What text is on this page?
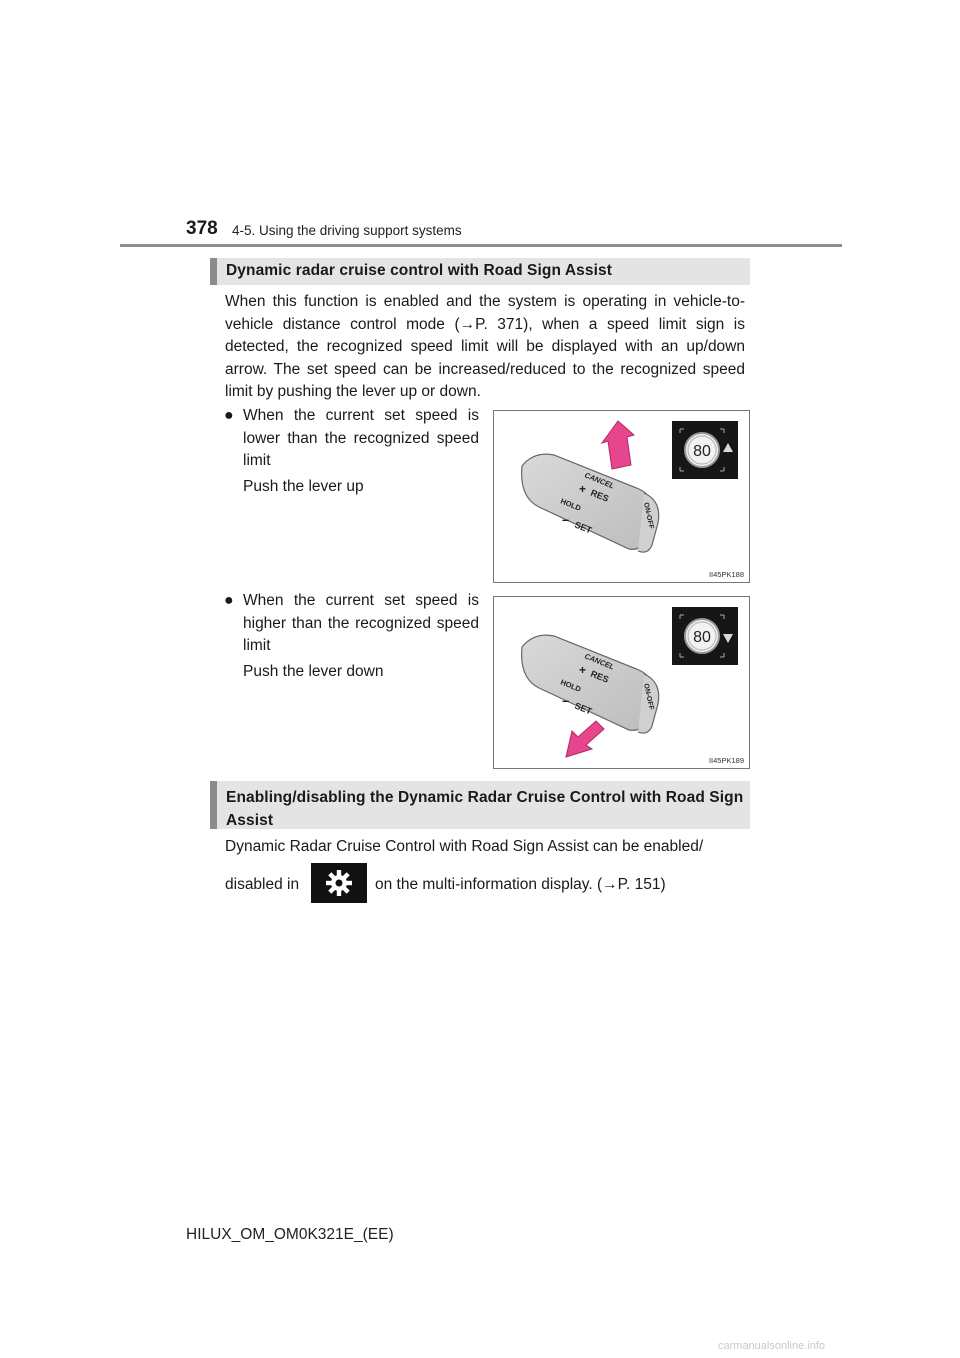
378 4-5. Using the driving support systems
Dynamic radar cruise control with Road Sign Assist
When this function is enabled and the system is operating in vehicle-to-vehicle distance control mode (→P. 371), when a speed limit sign is detected, the recognized speed limit will be displayed with an up/down arrow. The set speed can be increased/reduced to the recognized speed limit by pushing the lever up or down.
● When the current set speed is lower than the recognized speed limit
Push the lever up	CANCEL
+ RES
HOLD
–
SET	ON-OFF
80
II45PK188
● When the current set speed is higher than the recognized speed limit
Push the lever down	CANCEL
+ RES
HOLD
–
SET	ON-OFF
80
II45PK189
Enabling/disabling the Dynamic Radar Cruise Control with Road Sign Assist
Dynamic Radar Cruise Control with Road Sign Assist can be enabled/
disabled in	on the multi-information display. (→P. 151)
HILUX_OM_OM0K321E_(EE)
carmanualsonline.info
